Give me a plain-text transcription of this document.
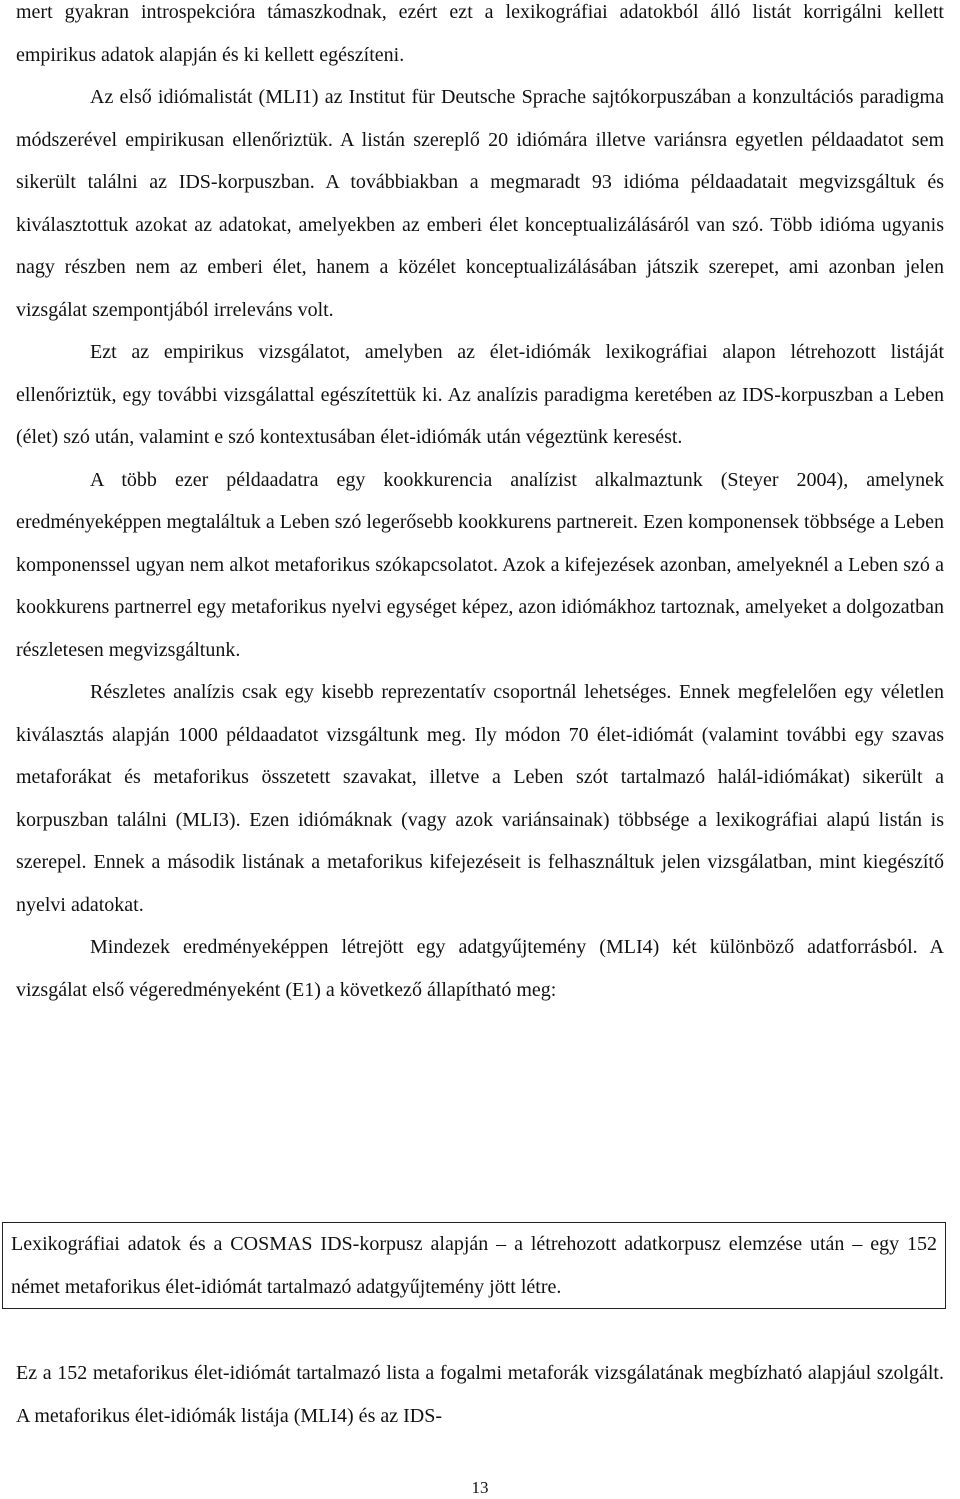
mert gyakran introspekcióra támaszkodnak, ezért ezt a lexikográfiai adatokból álló listát korrigálni kellett empirikus adatok alapján és ki kellett egészíteni.

Az első idiómalistát (MLI1) az Institut für Deutsche Sprache sajtókorpuszában a konzultációs paradigma módszerével empirikusan ellenőriztük. A listán szereplő 20 idiómára illetve variánsra egyetlen példaadatot sem sikerült találni az IDS-korpuszban. A továbbiakban a megmaradt 93 idióma példaadatait megvizsgáltuk és kiválasztottuk azokat az adatokat, amelyekben az emberi élet konceptualizálásáról van szó. Több idióma ugyanis nagy részben nem az emberi élet, hanem a közélet konceptualizálásában játszik szerepet, ami azonban jelen vizsgálat szempontjából irreleváns volt.

Ezt az empirikus vizsgálatot, amelyben az élet-idiómák lexikográfiai alapon létrehozott listáját ellenőriztük, egy további vizsgálattal egészítettük ki. Az analízis paradigma keretében az IDS-korpuszban a Leben (élet) szó után, valamint e szó kontextusában élet-idiómák után végeztünk keresést.

A több ezer példaadatra egy kookkurencia analízist alkalmaztunk (Steyer 2004), amelynek eredményeképpen megtaláltuk a Leben szó legerősebb kookkurens partnereit. Ezen komponensek többsége a Leben komponenssel ugyan nem alkot metaforikus szókapcsolatot. Azok a kifejezések azonban, amelyeknél a Leben szó a kookkurens partnerrel egy metaforikus nyelvi egységet képez, azon idiómákhoz tartoznak, amelyeket a dolgozatban részletesen megvizsgáltunk.

Részletes analízis csak egy kisebb reprezentatív csoportnál lehetséges. Ennek megfelelően egy véletlen kiválasztás alapján 1000 példaadatot vizsgáltunk meg. Ily módon 70 élet-idiómát (valamint további egy szavas metaforákat és metaforikus összetett szavakat, illetve a Leben szót tartalmazó halál-idiómákat) sikerült a korpuszban találni (MLI3). Ezen idiómáknak (vagy azok variánsainak) többsége a lexikográfiai alapú listán is szerepel. Ennek a második listának a metaforikus kifejezéseit is felhasználtuk jelen vizsgálatban, mint kiegészítő nyelvi adatokat.

Mindezek eredményeképpen létrejött egy adatgyűjtemény (MLI4) két különböző adatforrásból. A vizsgálat első végeredményeként (E1) a következő állapítható meg:

Lexikográfiai adatok és a COSMAS IDS-korpusz alapján – a létrehozott adatkorpusz elemzése után – egy 152 német metaforikus élet-idiómát tartalmazó adatgyűjtemény jött létre.

Ez a 152 metaforikus élet-idiómát tartalmazó lista a fogalmi metaforák vizsgálatának megbízható alapjául szolgált. A metaforikus élet-idiómák listája (MLI4) és az IDS-

13
